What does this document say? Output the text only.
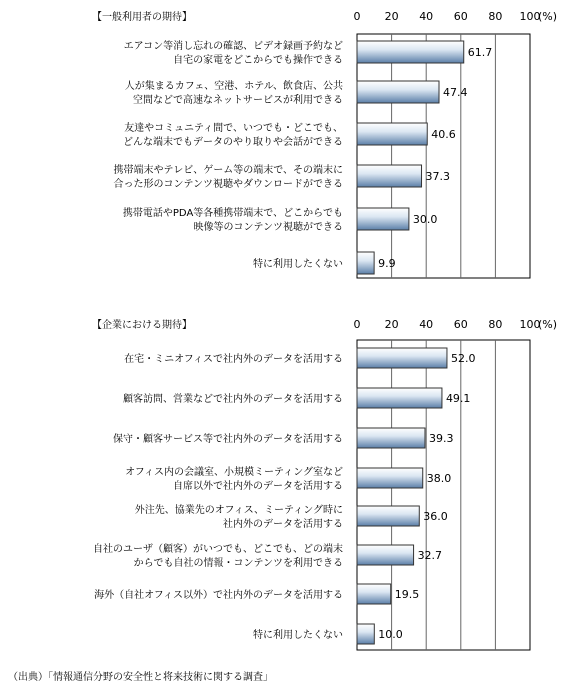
【一般利用者の期待】	0 20 40 60 80 100
(%)
61.7
エアコン等消し忘れの確認、ビデオ録画予約など
自宅の家電をどこからでも操作できる
47.4
人が集まるカフェ、空港、ホテル、飲食店、公共
空間などで高速なネットサービスが利用できる
40.6
友達やコミュニティ間で、いつでも・どこでも、
どんな端末でもデータのやり取りや会話ができる
37.3
携帯端末やテレビ、ゲーム等の端末で、その端末に
合った形のコンテンツ視聴やダウンロードができる
30.0
携帯電話やPDA等各種携帯端末で、どこからでも
映像等のコンテンツ視聴ができる
9.9
特に利用したくない
【企業における期待】	0 20 40 60 80 100
(%)
52.0
在宅・ミニオフィスで社内外のデータを活用する
49.1
顧客訪問、営業などで社内外のデータを活用する
39.3
保守・顧客サービス等で社内外のデータを活用する
38.0
オフィス内の会議室、小規模ミーティング室など
自席以外で社内外のデータを活用する
36.0
外注先、協業先のオフィス、ミーティング時に
社内外のデータを活用する
32.7
自社のユーザ（顧客）がいつでも、どこでも、どの端末
からでも自社の情報・コンテンツを利用できる
19.5
海外（自社オフィス以外）で社内外のデータを活用する
10.0
特に利用したくない
（出典）「情報通信分野の安全性と将来技術に関する調査」
